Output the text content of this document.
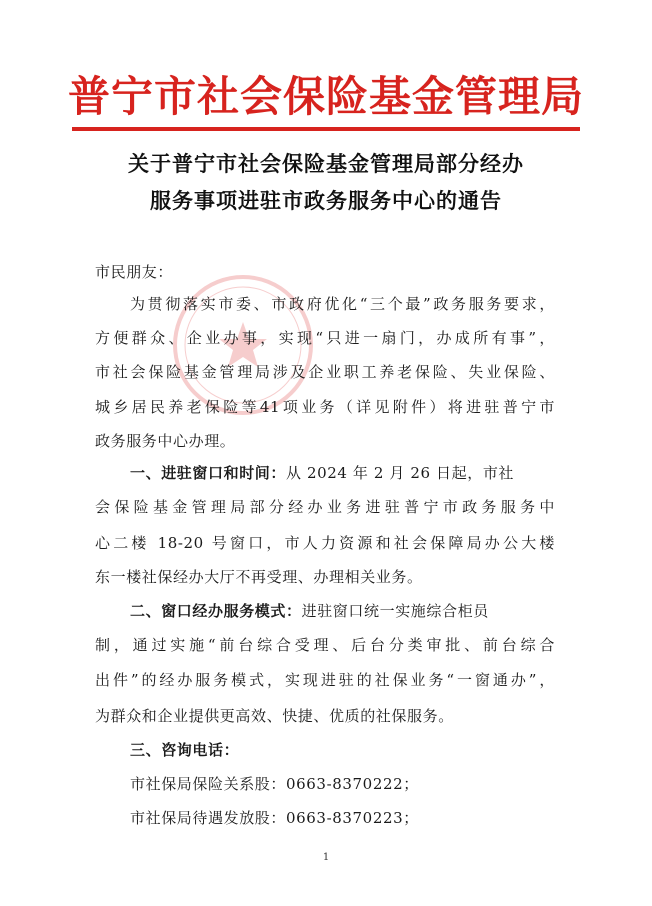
普宁市社会保险基金管理局
关于普宁市社会保险基金管理局部分经办
服务事项进驻市政务服务中心的通告
市民朋友：
为贯彻落实市委、市政府优化“三个最”政务服务要求，
方便群众、企业办事，实现“只进一扇门，办成所有事”，
市社会保险基金管理局涉及企业职工养老保险、失业保险、
城乡居民养老保险等41项业务（详见附件）将进驻普宁市
政务服务中心办理。
一、进驻窗口和时间：从 2024 年 2 月 26 日起，市社
会保险基金管理局部分经办业务进驻普宁市政务服务中
心二楼 18-20 号窗口，市人力资源和社会保障局办公大楼
东一楼社保经办大厅不再受理、办理相关业务。
二、窗口经办服务模式：进驻窗口统一实施综合柜员
制，通过实施“前台综合受理、后台分类审批、前台综合
出件”的经办服务模式，实现进驻的社保业务“一窗通办”，
为群众和企业提供更高效、快捷、优质的社保服务。
三、咨询电话：
市社保局保险关系股：0663-8370222；
市社保局待遇发放股：0663-8370223；
1
